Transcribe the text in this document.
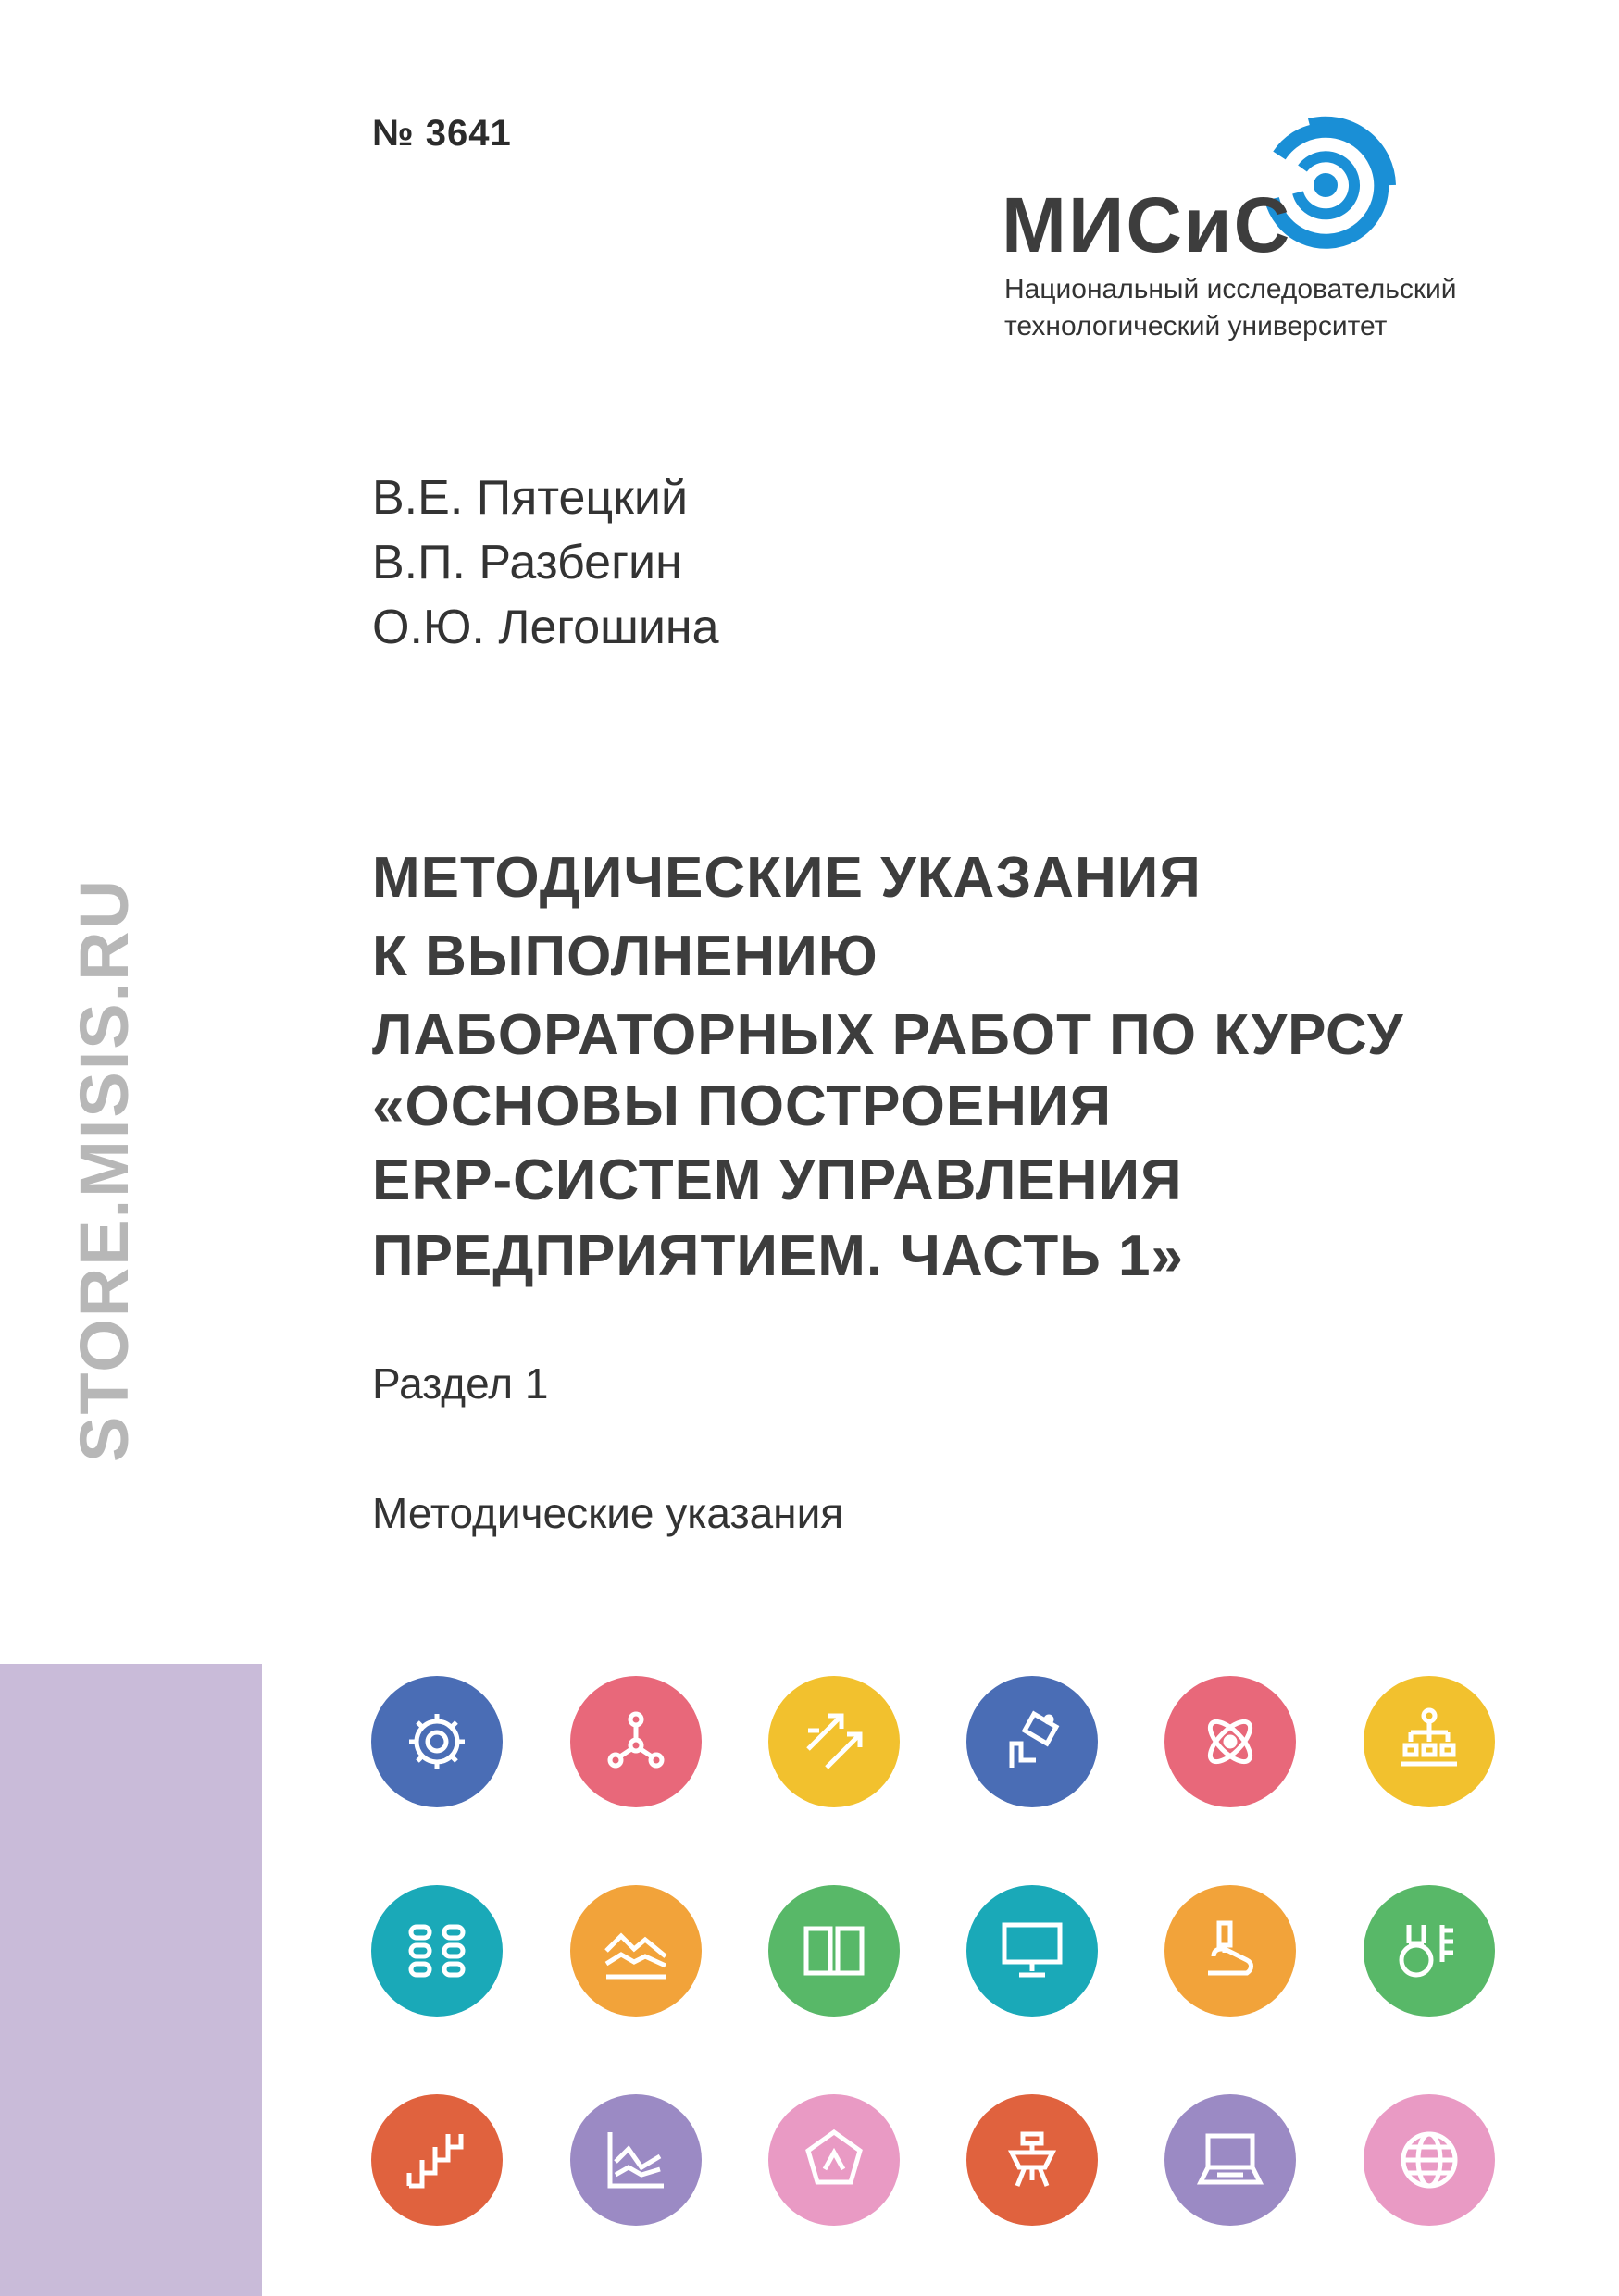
№ 3641
МИСиС
Национальный исследовательский
технологический университет
В.Е. Пятецкий
В.П. Разбегин
О.Ю. Легошина
МЕТОДИЧЕСКИЕ УКАЗАНИЯ
К ВЫПОЛНЕНИЮ
ЛАБОРАТОРНЫХ РАБОТ ПО КУРСУ
«ОСНОВЫ ПОСТРОЕНИЯ
ERP-СИСТЕМ УПРАВЛЕНИЯ
ПРЕДПРИЯТИЕМ. ЧАСТЬ 1»
Раздел 1
Методические указания
STORE.MISIS.RU
